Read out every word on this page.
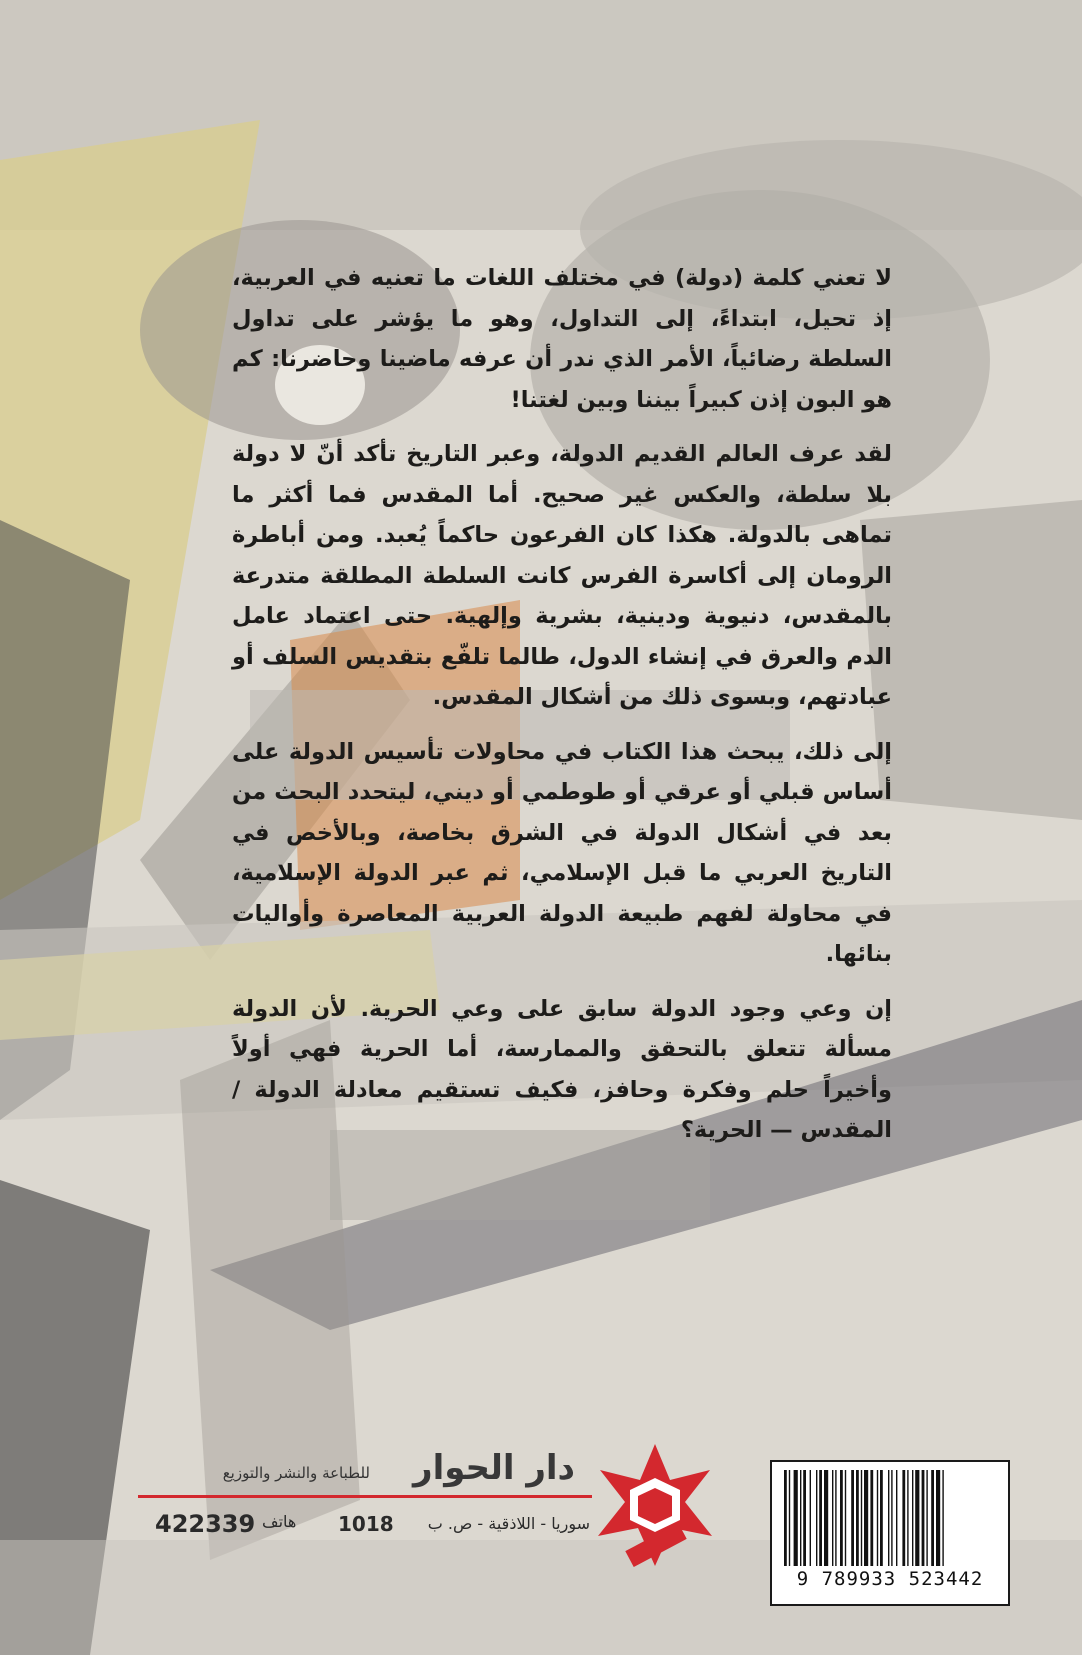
لا تعني كلمة (دولة) في مختلف اللغات ما تعنيه في العربية، إذ تحيل، ابتداءً، إلى التداول، وهو ما يؤشر على تداول السلطة رضائياً، الأمر الذي ندر أن عرفه ماضينا وحاضرنا: كم هو البون إذن كبيراً بيننا وبين لغتنا!

لقد عرف العالم القديم الدولة، وعبر التاريخ تأكد أنّ لا دولة بلا سلطة، والعكس غير صحيح. أما المقدس فما أكثر ما تماهى بالدولة. هكذا كان الفرعون حاكماً يُعبد. ومن أباطرة الرومان إلى أكاسرة الفرس كانت السلطة المطلقة متدرعة بالمقدس، دنيوية ودينية، بشرية وإلهية. حتى اعتماد عامل الدم والعرق في إنشاء الدول، طالما تلفّع بتقديس السلف أو عبادتهم، وبسوى ذلك من أشكال المقدس.

إلى ذلك، يبحث هذا الكتاب في محاولات تأسيس الدولة على أساس قبلي أو عرقي أو طوطمي أو ديني، ليتحدد البحث من بعد في أشكال الدولة في الشرق بخاصة، وبالأخص في التاريخ العربي ما قبل الإسلامي، ثم عبر الدولة الإسلامية، في محاولة لفهم طبيعة الدولة العربية المعاصرة وأواليات بنائها.

إن وعي وجود الدولة سابق على وعي الحرية. لأن الدولة مسألة تتعلق بالتحقق والممارسة، أما الحرية فهي أولاً وأخيراً حلم وفكرة وحافز، فكيف تستقيم معادلة الدولة / المقدس — الحرية؟

دار الحوار
للطباعة والنشر والتوزيع
422339 هاتف 1018 سوريا - اللاذقية - ص. ب
9 789933 523442
